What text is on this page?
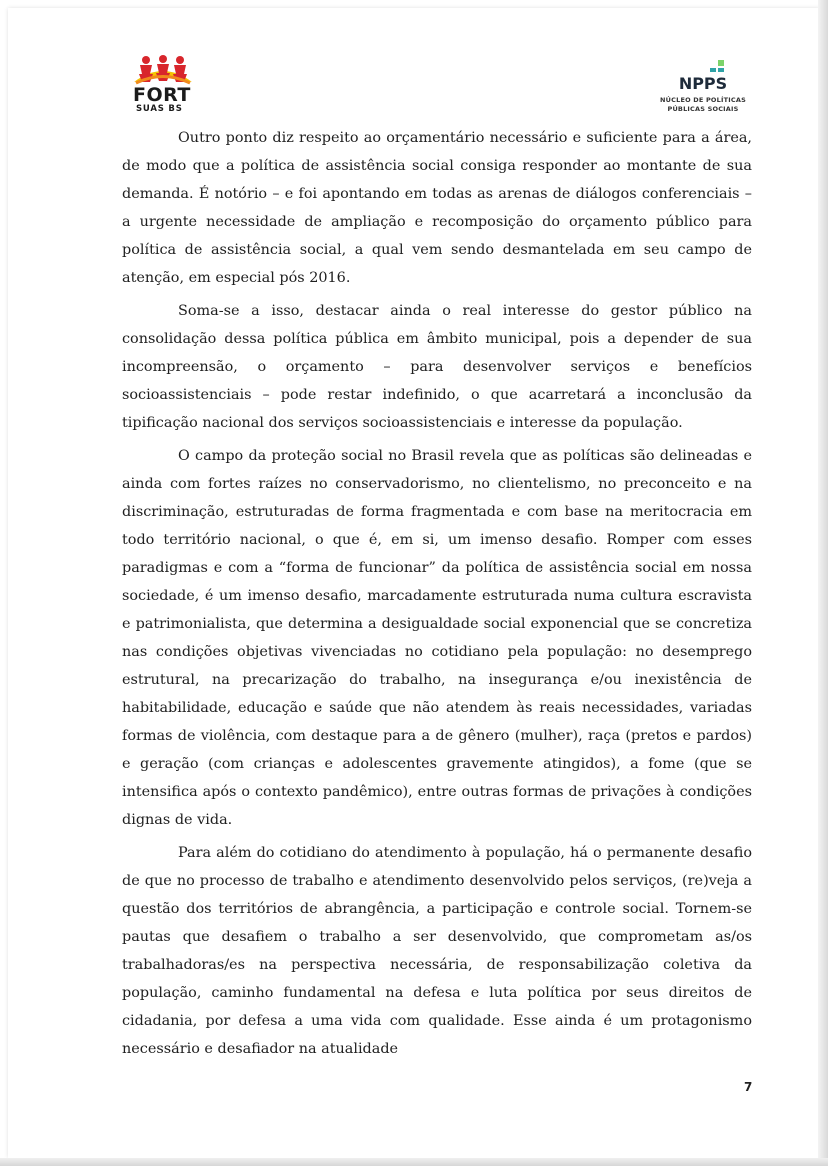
FORT
SUAS BS
NPPS
NÚCLEO DE POLÍTICAS
PÚBLICAS SOCIAIS

Outro ponto diz respeito ao orçamentário necessário e suficiente para a área, de modo que a política de assistência social consiga responder ao montante de sua demanda. É notório – e foi apontando em todas as arenas de diálogos conferenciais – a urgente necessidade de ampliação e recomposição do orçamento público para política de assistência social, a qual vem sendo desmantelada em seu campo de atenção, em especial pós 2016.

Soma-se a isso, destacar ainda o real interesse do gestor público na consolidação dessa política pública em âmbito municipal, pois a depender de sua incompreensão, o orçamento – para desenvolver serviços e benefícios socioassistenciais – pode restar indefinido, o que acarretará a inconclusão da tipificação nacional dos serviços socioassistenciais e interesse da população.

O campo da proteção social no Brasil revela que as políticas são delineadas e ainda com fortes raízes no conservadorismo, no clientelismo, no preconceito e na discriminação, estruturadas de forma fragmentada e com base na meritocracia em todo território nacional, o que é, em si, um imenso desafio. Romper com esses paradigmas e com a “forma de funcionar” da política de assistência social em nossa sociedade, é um imenso desafio, marcadamente estruturada numa cultura escravista e patrimonialista, que determina a desigualdade social exponencial que se concretiza nas condições objetivas vivenciadas no cotidiano pela população: no desemprego estrutural, na precarização do trabalho, na insegurança e/ou inexistência de habitabilidade, educação e saúde que não atendem às reais necessidades, variadas formas de violência, com destaque para a de gênero (mulher), raça (pretos e pardos) e geração (com crianças e adolescentes gravemente atingidos), a fome (que se intensifica após o contexto pandêmico), entre outras formas de privações à condições dignas de vida.

Para além do cotidiano do atendimento à população, há o permanente desafio de que no processo de trabalho e atendimento desenvolvido pelos serviços, (re)veja a questão dos territórios de abrangência, a participação e controle social. Tornem-se pautas que desafiem o trabalho a ser desenvolvido, que comprometam as/os trabalhadoras/es na perspectiva necessária, de responsabilização coletiva da população, caminho fundamental na defesa e luta política por seus direitos de cidadania, por defesa a uma vida com qualidade. Esse ainda é um protagonismo necessário e desafiador na atualidade

7
